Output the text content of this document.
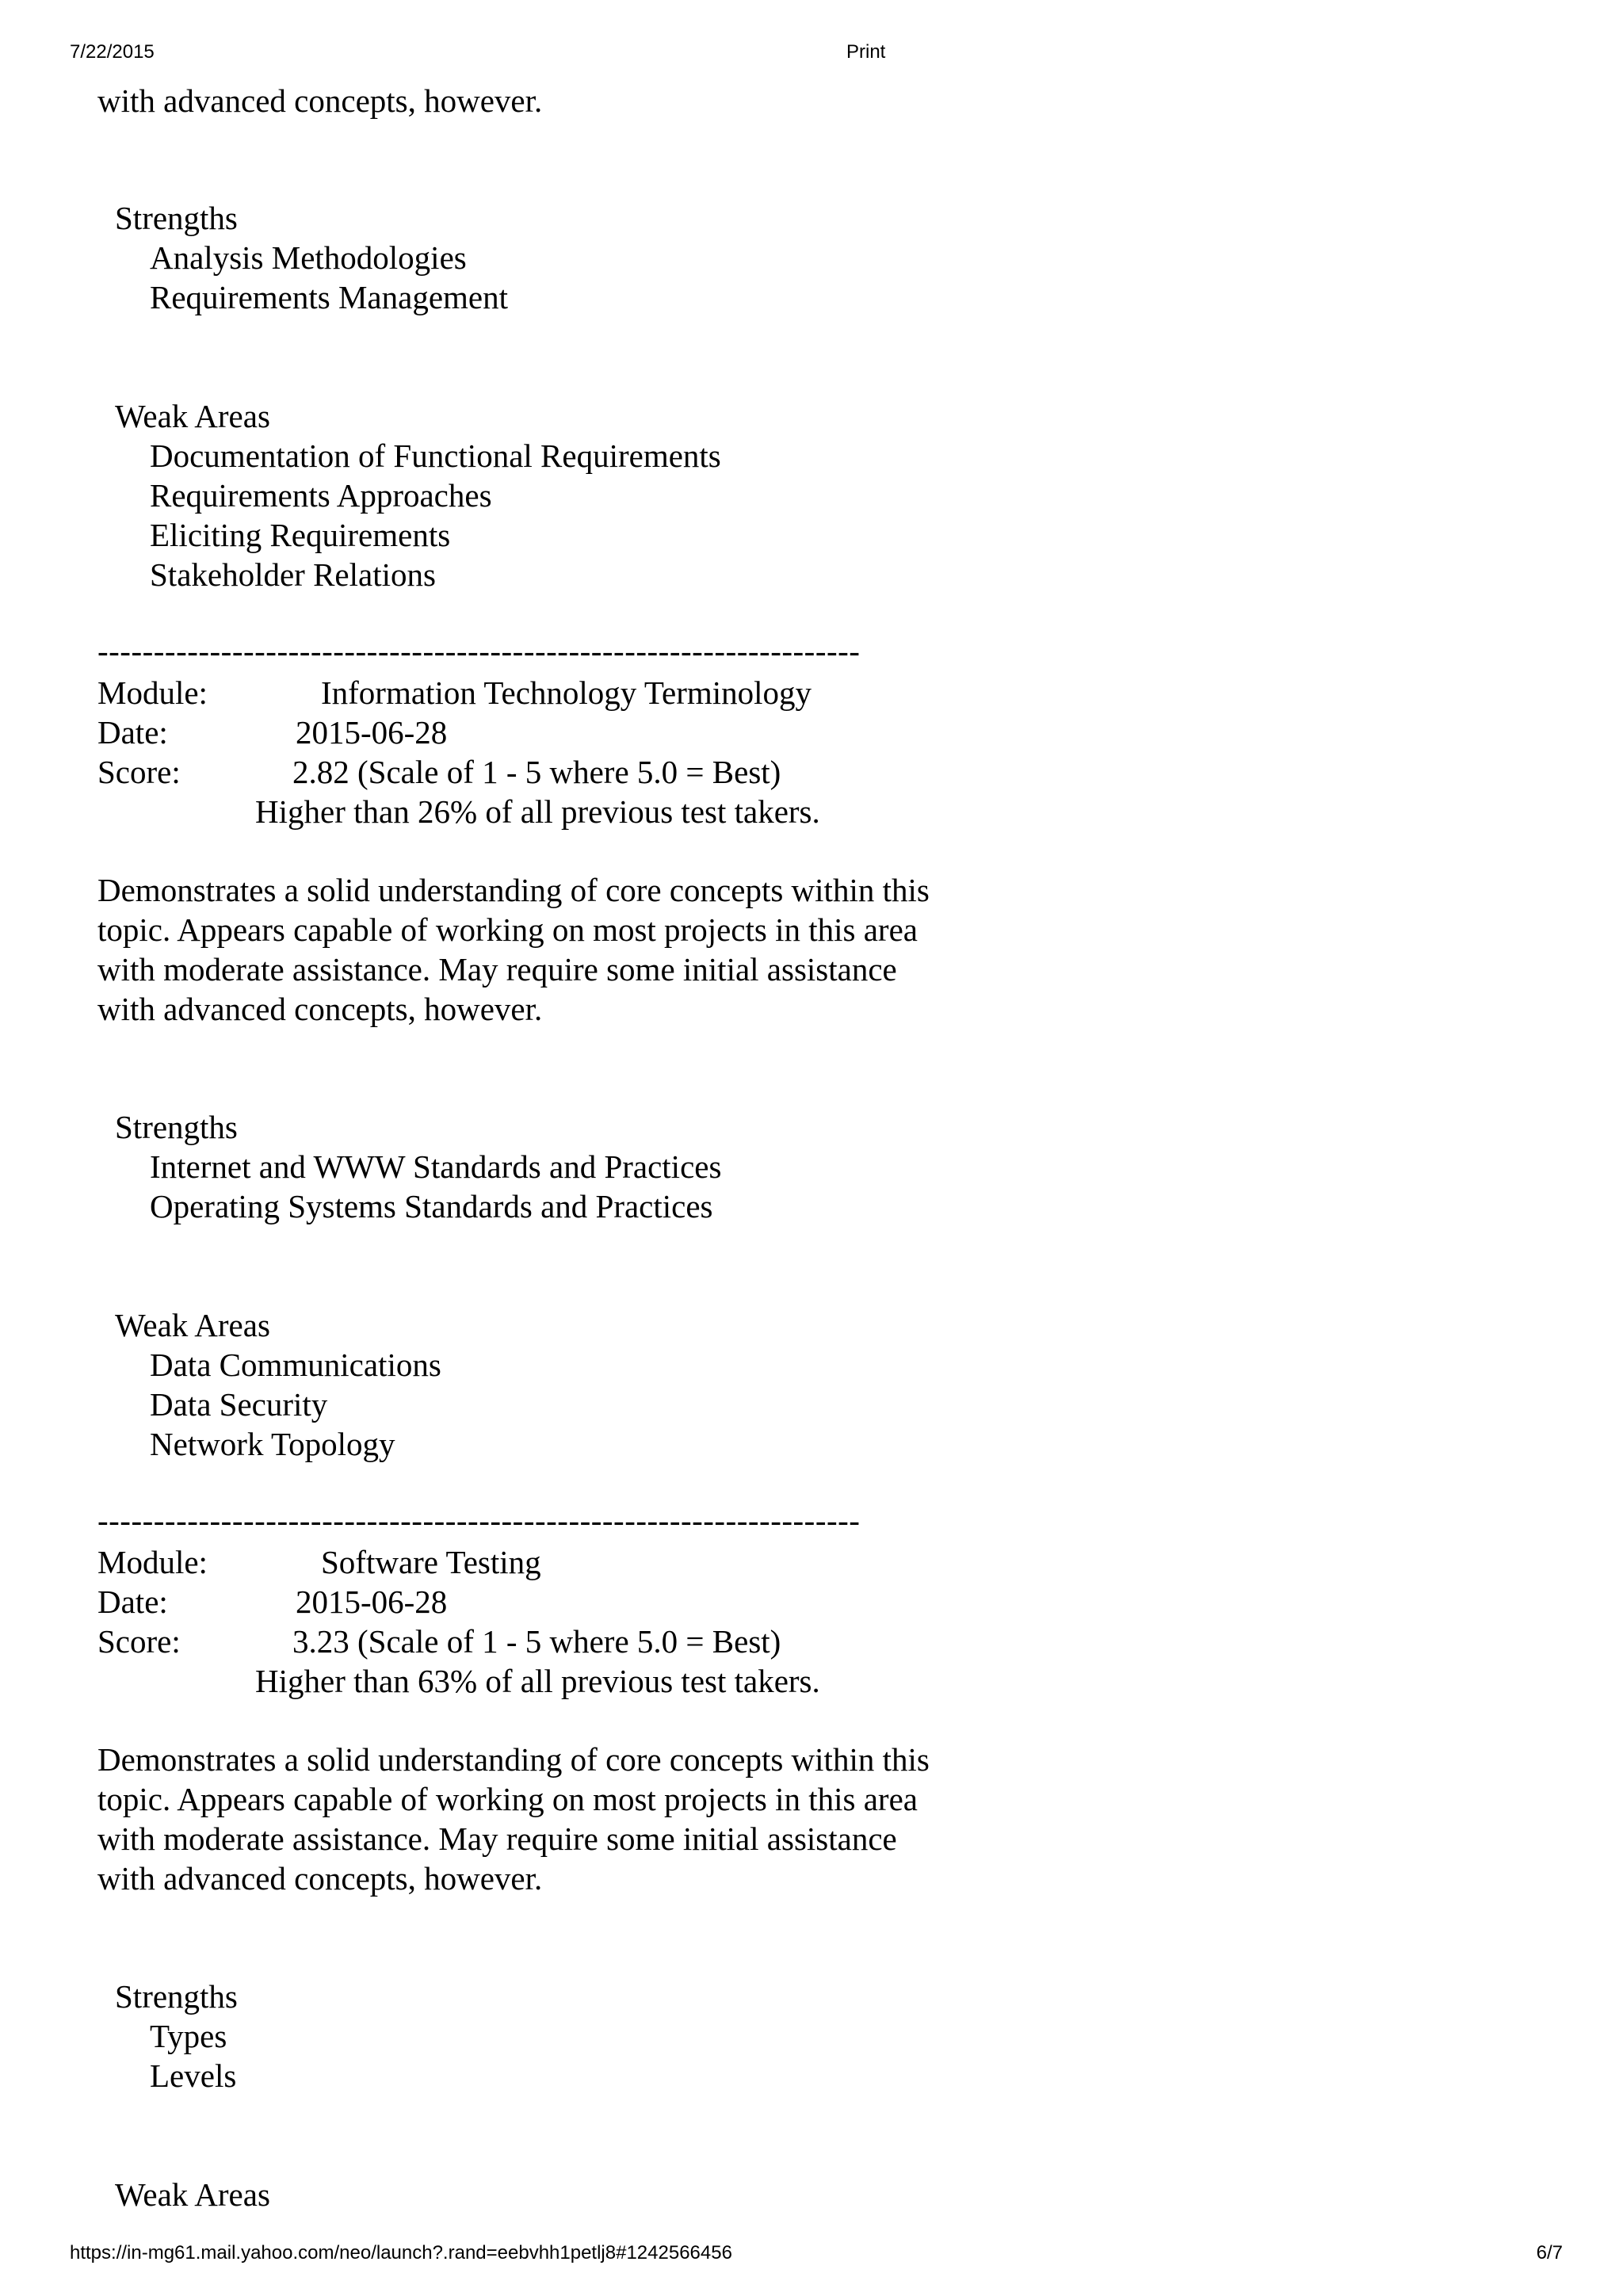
7/22/2015	Print
with advanced concepts, however.
Strengths
Analysis Methodologies
Requirements Management
Weak Areas
Documentation of Functional Requirements
Requirements Approaches
Eliciting Requirements
Stakeholder Relations
--------------------------------------------------------------------
Module:	Information Technology Terminology
Date:	2015-06-28
Score:	2.82 (Scale of 1 - 5 where 5.0 = Best)
Higher than 26% of all previous test takers.
Demonstrates a solid understanding of core concepts within this
topic. Appears capable of working on most projects in this area
with moderate assistance. May require some initial assistance
with advanced concepts, however.
Strengths
Internet and WWW Standards and Practices
Operating Systems Standards and Practices
Weak Areas
Data Communications
Data Security
Network Topology
--------------------------------------------------------------------
Module:	Software Testing
Date:	2015-06-28
Score:	3.23 (Scale of 1 - 5 where 5.0 = Best)
Higher than 63% of all previous test takers.
Demonstrates a solid understanding of core concepts within this
topic. Appears capable of working on most projects in this area
with moderate assistance. May require some initial assistance
with advanced concepts, however.
Strengths
Types
Levels
Weak Areas
https://in-mg61.mail.yahoo.com/neo/launch?.rand=eebvhh1petlj8#1242566456	6/7
